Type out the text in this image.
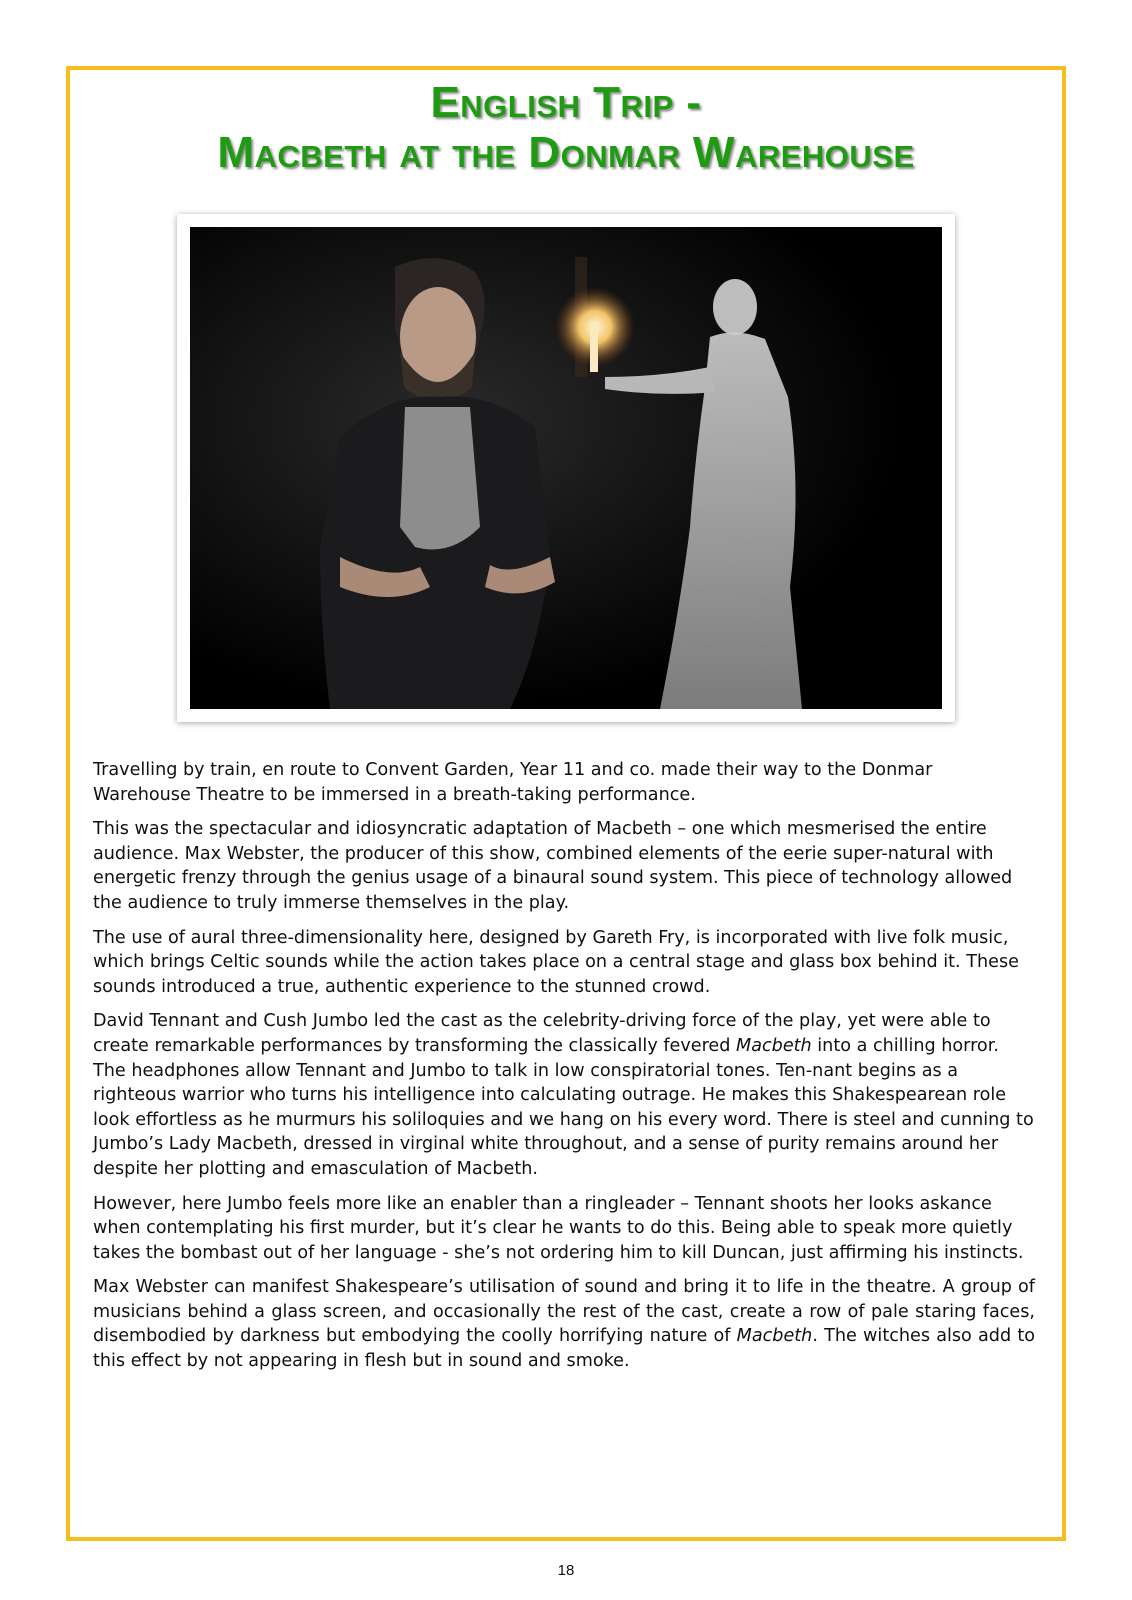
English Trip -
Macbeth at the Donmar Warehouse

Travelling by train, en route to Convent Garden, Year 11 and co. made their way to the Donmar Warehouse Theatre to be immersed in a breath-taking performance.

This was the spectacular and idiosyncratic adaptation of Macbeth – one which mesmerised the entire audience. Max Webster, the producer of this show, combined elements of the eerie super-natural with energetic frenzy through the genius usage of a binaural sound system. This piece of technology allowed the audience to truly immerse themselves in the play.

The use of aural three-dimensionality here, designed by Gareth Fry, is incorporated with live folk music, which brings Celtic sounds while the action takes place on a central stage and glass box behind it. These sounds introduced a true, authentic experience to the stunned crowd.

David Tennant and Cush Jumbo led the cast as the celebrity-driving force of the play, yet were able to create remarkable performances by transforming the classically fevered Macbeth into a chilling horror. The headphones allow Tennant and Jumbo to talk in low conspiratorial tones. Ten-nant begins as a righteous warrior who turns his intelligence into calculating outrage. He makes this Shakespearean role look effortless as he murmurs his soliloquies and we hang on his every word. There is steel and cunning to Jumbo’s Lady Macbeth, dressed in virginal white throughout, and a sense of purity remains around her despite her plotting and emasculation of Macbeth.

However, here Jumbo feels more like an enabler than a ringleader – Tennant shoots her looks askance when contemplating his first murder, but it’s clear he wants to do this. Being able to speak more quietly takes the bombast out of her language - she’s not ordering him to kill Duncan, just affirming his instincts.

Max Webster can manifest Shakespeare’s utilisation of sound and bring it to life in the theatre. A group of musicians behind a glass screen, and occasionally the rest of the cast, create a row of pale staring faces, disembodied by darkness but embodying the coolly horrifying nature of Macbeth. The witches also add to this effect by not appearing in flesh but in sound and smoke.

18
